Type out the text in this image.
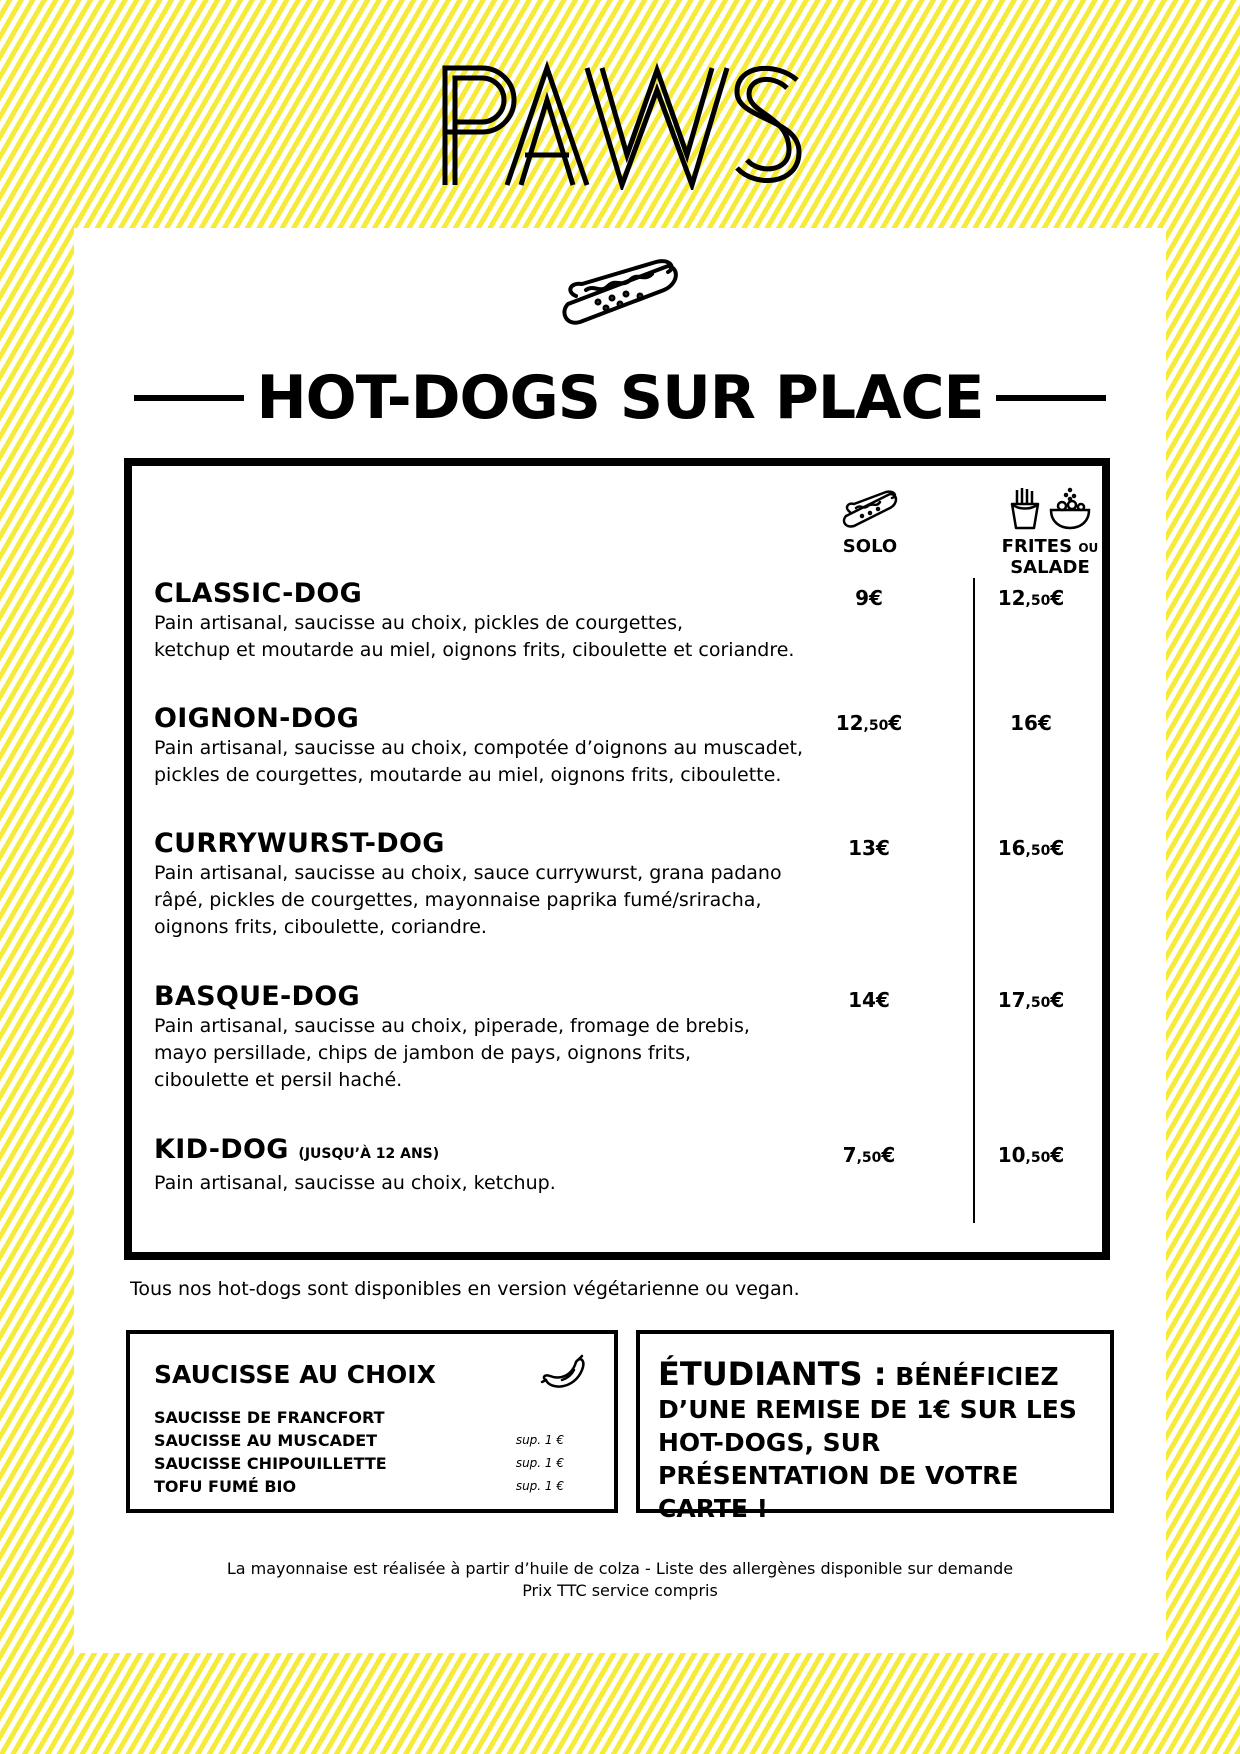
HOT-DOGS SUR PLACE
SOLO
	FRITES OU SALADE
CLASSIC-DOG
Pain artisanal, saucisse au choix, pickles de courgettes,
ketchup et moutarde au miel, oignons frits, ciboulette et coriandre.
9€	12,50€
OIGNON-DOG
Pain artisanal, saucisse au choix, compotée d’oignons au muscadet,
pickles de courgettes, moutarde au miel, oignons frits, ciboulette.
12,50€	16€
CURRYWURST-DOG
Pain artisanal, saucisse au choix, sauce currywurst, grana padano
râpé, pickles de courgettes, mayonnaise paprika fumé/sriracha,
oignons frits, ciboulette, coriandre.
13€	16,50€
BASQUE-DOG
Pain artisanal, saucisse au choix, piperade, fromage de brebis,
mayo persillade, chips de jambon de pays, oignons frits,
ciboulette et persil haché.
14€	17,50€
KID-DOG (JUSQU’À 12 ANS)
Pain artisanal, saucisse au choix, ketchup.
7,50€	10,50€
Tous nos hot-dogs sont disponibles en version végétarienne ou vegan.
SAUCISSE AU CHOIX
SAUCISSE DE FRANCFORT
SAUCISSE AU MUSCADET	sup. 1 €
SAUCISSE CHIPOUILLETTE	sup. 1 €
TOFU FUMÉ BIO	sup. 1 €
ÉTUDIANTS : BÉNÉFICIEZ D’UNE REMISE DE 1€ SUR LES HOT-DOGS, SUR PRÉSENTATION DE VOTRE CARTE !
La mayonnaise est réalisée à partir d’huile de colza - Liste des allergènes disponible sur demande
Prix TTC service compris
